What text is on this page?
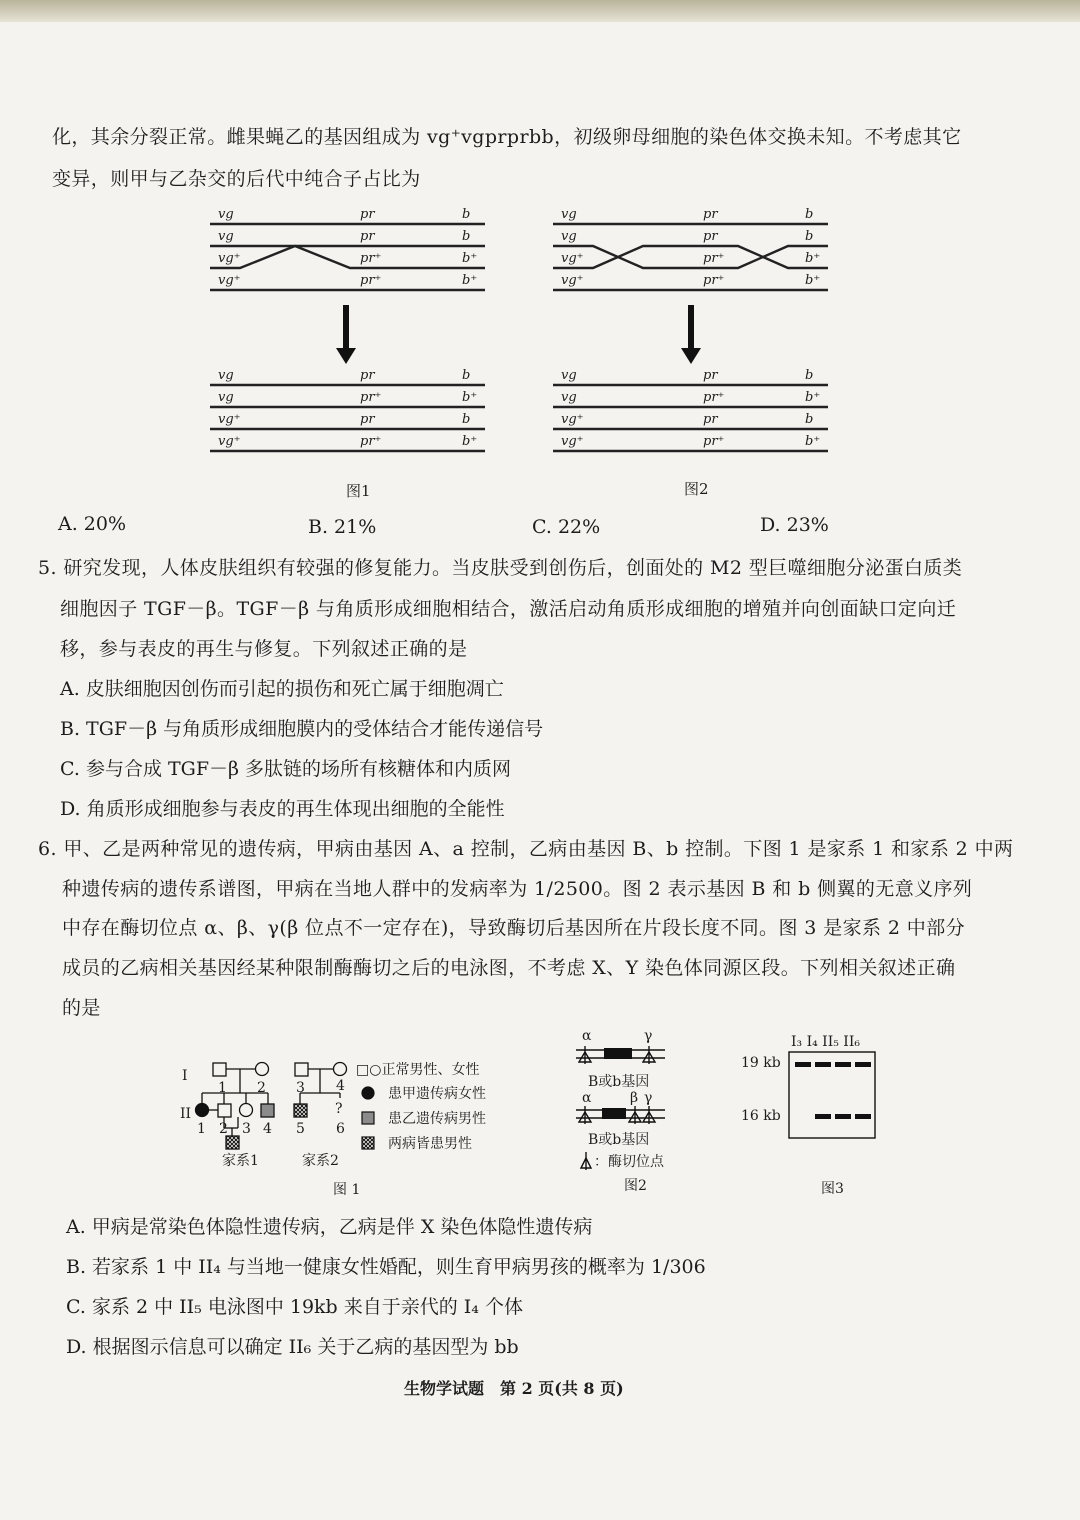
化，其余分裂正常。雌果蝇乙的基因组成为 vg⁺vgprprbb，初级卵母细胞的染色体交换未知。不考虑其它
变异，则甲与乙杂交的后代中纯合子占比为
vg	pr	b
vg	pr	b
vg⁺	pr⁺	b⁺
vg⁺	pr⁺	b⁺
vg	pr	b
vg	pr⁺	b⁺
vg⁺	pr	b
vg⁺	pr⁺	b⁺
vg	pr	b
vg	pr	b
vg⁺	pr⁺	b⁺
vg⁺	pr⁺	b⁺
vg	pr	b
vg	pr⁺	b⁺
vg⁺	pr	b
vg⁺	pr⁺	b⁺
图1	图2
A. 20%	B. 21%	C. 22%	D. 23%
5. 研究发现，人体皮肤组织有较强的修复能力。当皮肤受到创伤后，创面处的 M2 型巨噬细胞分泌蛋白质类
细胞因子 TGF－β。TGF－β 与角质形成细胞相结合，激活启动角质形成细胞的增殖并向创面缺口定向迁
移，参与表皮的再生与修复。下列叙述正确的是
A. 皮肤细胞因创伤而引起的损伤和死亡属于细胞凋亡
B. TGF－β 与角质形成细胞膜内的受体结合才能传递信号
C. 参与合成 TGF－β 多肽链的场所有核糖体和内质网
D. 角质形成细胞参与表皮的再生体现出细胞的全能性
6. 甲、乙是两种常见的遗传病，甲病由基因 A、a 控制，乙病由基因 B、b 控制。下图 1 是家系 1 和家系 2 中两
种遗传病的遗传系谱图，甲病在当地人群中的发病率为 1/2500。图 2 表示基因 B 和 b 侧翼的无意义序列
中存在酶切位点 α、β、γ(β 位点不一定存在)，导致酶切后基因所在片段长度不同。图 3 是家系 2 中部分
成员的乙病相关基因经某种限制酶酶切之后的电泳图，不考虑 X、Y 染色体同源区段。下列相关叙述正确
的是
I
II
1 2
1 2 3 4
3 4
?
5 6
家系1	家系2
图 1
□○正常男性、女性
患甲遗传病女性
患乙遗传病男性
两病皆患男性
α	γ
B或b基因
α	β γ
B或b基因
：酶切位点
图2
I₃ I₄ II₅ II₆
19 kb
16 kb
图3
A. 甲病是常染色体隐性遗传病，乙病是伴 X 染色体隐性遗传病
B. 若家系 1 中 II₄ 与当地一健康女性婚配，则生育甲病男孩的概率为 1/306
C. 家系 2 中 II₅ 电泳图中 19kb 来自于亲代的 I₄ 个体
D. 根据图示信息可以确定 II₆ 关于乙病的基因型为 bb
生物学试题　第 2 页(共 8 页)
